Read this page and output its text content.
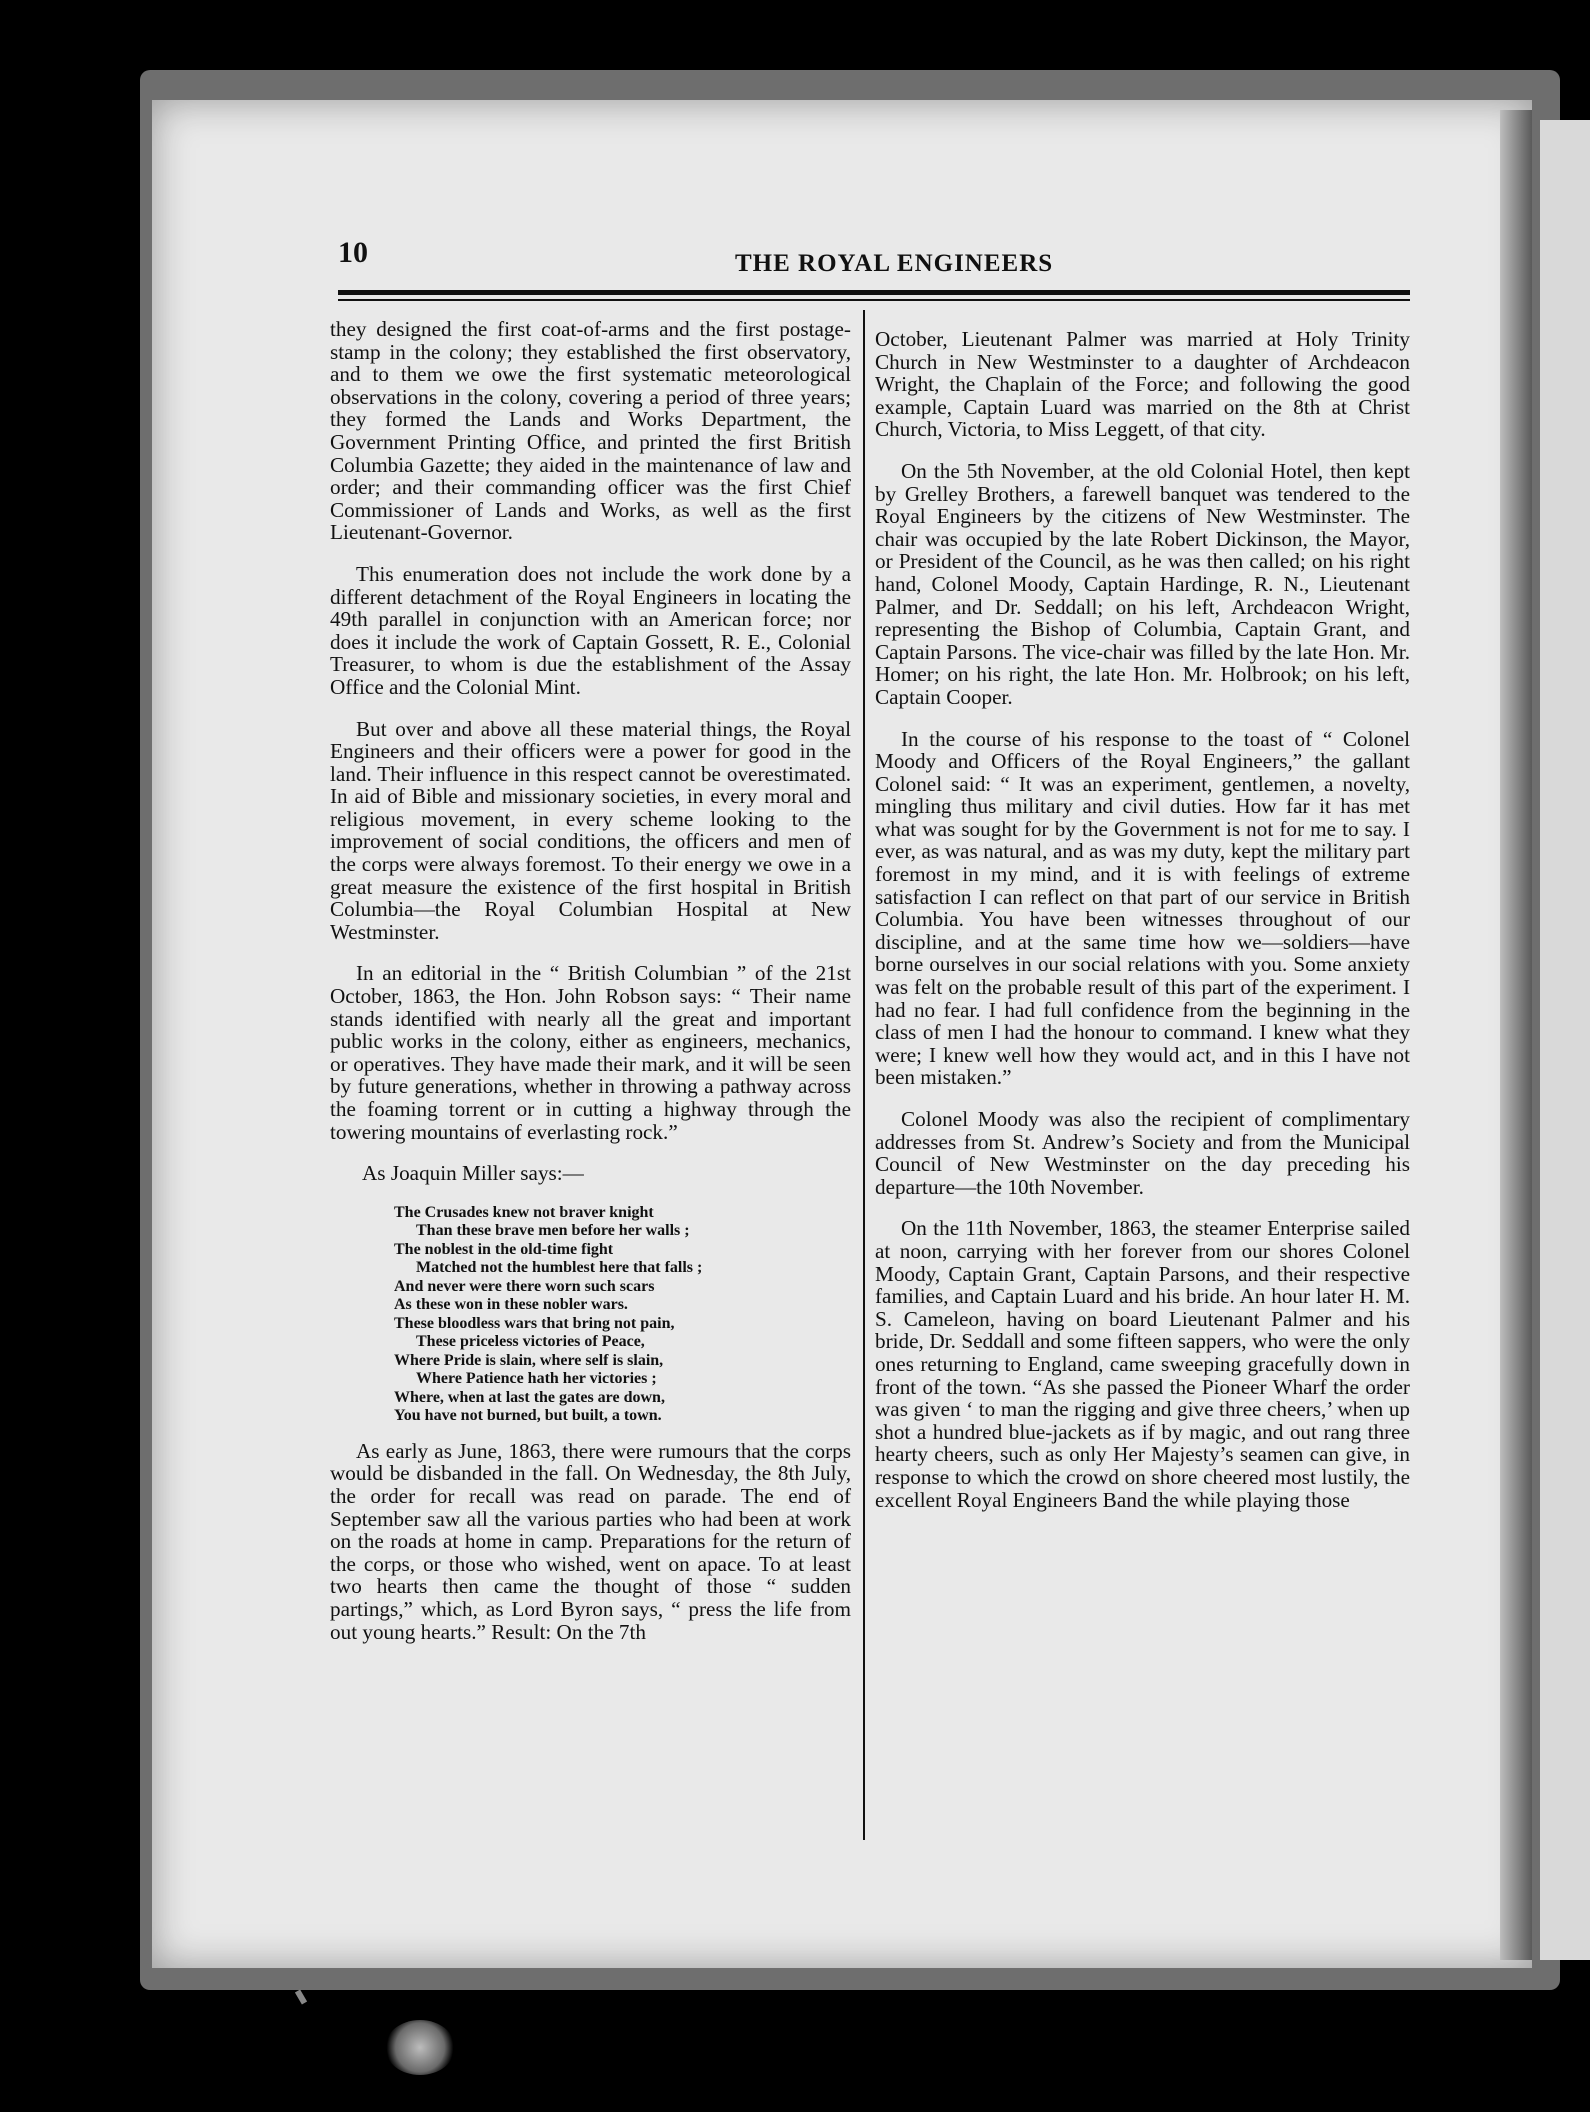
10	THE ROYAL ENGINEERS

they designed the first coat-of-arms and the first postage-stamp in the colony; they established the first observatory, and to them we owe the first systematic meteorological observations in the colony, covering a period of three years; they formed the Lands and Works Department, the Government Printing Office, and printed the first British Columbia Gazette; they aided in the maintenance of law and order; and their commanding officer was the first Chief Commissioner of Lands and Works, as well as the first Lieutenant-Governor.

This enumeration does not include the work done by a different detachment of the Royal Engineers in locating the 49th parallel in conjunction with an American force; nor does it include the work of Captain Gossett, R. E., Colonial Treasurer, to whom is due the establishment of the Assay Office and the Colonial Mint.

But over and above all these material things, the Royal Engineers and their officers were a power for good in the land. Their influence in this respect cannot be overestimated. In aid of Bible and missionary societies, in every moral and religious movement, in every scheme looking to the improvement of social conditions, the officers and men of the corps were always foremost. To their energy we owe in a great measure the existence of the first hospital in British Columbia—the Royal Columbian Hospital at New Westminster.

In an editorial in the “ British Columbian ” of the 21st October, 1863, the Hon. John Robson says: “ Their name stands identified with nearly all the great and important public works in the colony, either as engineers, mechanics, or operatives. They have made their mark, and it will be seen by future generations, whether in throwing a pathway across the foaming torrent or in cutting a highway through the towering mountains of everlasting rock.”

As Joaquin Miller says:—

The Crusades knew not braver knight
Than these brave men before her walls ;
The noblest in the old-time fight
Matched not the humblest here that falls ;
And never were there worn such scars
As these won in these nobler wars.
These bloodless wars that bring not pain,
These priceless victories of Peace,
Where Pride is slain, where self is slain,
Where Patience hath her victories ;
Where, when at last the gates are down,
You have not burned, but built, a town.

As early as June, 1863, there were rumours that the corps would be disbanded in the fall. On Wednesday, the 8th July, the order for recall was read on parade. The end of September saw all the various parties who had been at work on the roads at home in camp. Preparations for the return of the corps, or those who wished, went on apace. To at least two hearts then came the thought of those “ sudden partings,” which, as Lord Byron says, “ press the life from out young hearts.” Result: On the 7th

October, Lieutenant Palmer was married at Holy Trinity Church in New Westminster to a daughter of Archdeacon Wright, the Chaplain of the Force; and following the good example, Captain Luard was married on the 8th at Christ Church, Victoria, to Miss Leggett, of that city.

On the 5th November, at the old Colonial Hotel, then kept by Grelley Brothers, a farewell banquet was tendered to the Royal Engineers by the citizens of New Westminster. The chair was occupied by the late Robert Dickinson, the Mayor, or President of the Council, as he was then called; on his right hand, Colonel Moody, Captain Hardinge, R. N., Lieutenant Palmer, and Dr. Seddall; on his left, Archdeacon Wright, representing the Bishop of Columbia, Captain Grant, and Captain Parsons. The vice-chair was filled by the late Hon. Mr. Homer; on his right, the late Hon. Mr. Holbrook; on his left, Captain Cooper.

In the course of his response to the toast of “ Colonel Moody and Officers of the Royal Engineers,” the gallant Colonel said: “ It was an experiment, gentlemen, a novelty, mingling thus military and civil duties. How far it has met what was sought for by the Government is not for me to say. I ever, as was natural, and as was my duty, kept the military part foremost in my mind, and it is with feelings of extreme satisfaction I can reflect on that part of our service in British Columbia. You have been witnesses throughout of our discipline, and at the same time how we—soldiers—have borne ourselves in our social relations with you. Some anxiety was felt on the probable result of this part of the experiment. I had no fear. I had full confidence from the beginning in the class of men I had the honour to command. I knew what they were; I knew well how they would act, and in this I have not been mistaken.”

Colonel Moody was also the recipient of complimentary addresses from St. Andrew’s Society and from the Municipal Council of New Westminster on the day preceding his departure—the 10th November.

On the 11th November, 1863, the steamer Enterprise sailed at noon, carrying with her forever from our shores Colonel Moody, Captain Grant, Captain Parsons, and their respective families, and Captain Luard and his bride. An hour later H. M. S. Cameleon, having on board Lieutenant Palmer and his bride, Dr. Seddall and some fifteen sappers, who were the only ones returning to England, came sweeping gracefully down in front of the town. “As she passed the Pioneer Wharf the order was given ‘ to man the rigging and give three cheers,’ when up shot a hundred blue-jackets as if by magic, and out rang three hearty cheers, such as only Her Majesty’s seamen can give, in response to which the crowd on shore cheered most lustily, the excellent Royal Engineers Band the while playing those
